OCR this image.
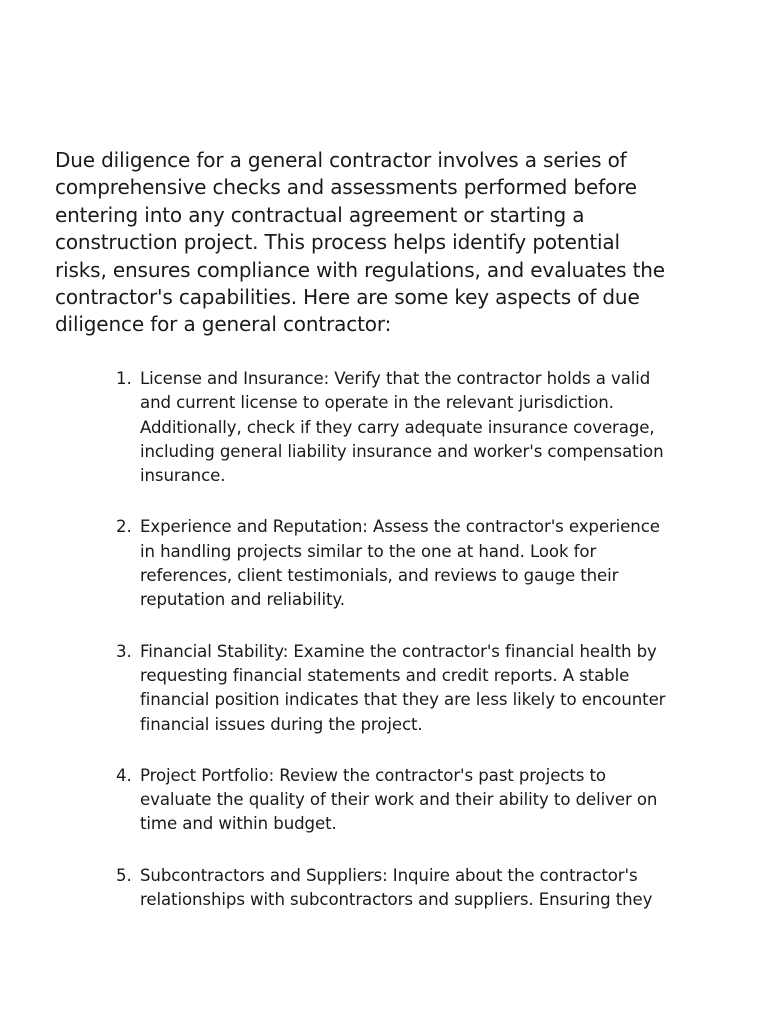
Due diligence for a general contractor involves a series of comprehensive checks and assessments performed before entering into any contractual agreement or starting a construction project. This process helps identify potential risks, ensures compliance with regulations, and evaluates the contractor's capabilities. Here are some key aspects of due diligence for a general contractor:

1. License and Insurance: Verify that the contractor holds a valid and current license to operate in the relevant jurisdiction. Additionally, check if they carry adequate insurance coverage, including general liability insurance and worker's compensation insurance.
2. Experience and Reputation: Assess the contractor's experience in handling projects similar to the one at hand. Look for references, client testimonials, and reviews to gauge their reputation and reliability.
3. Financial Stability: Examine the contractor's financial health by requesting financial statements and credit reports. A stable financial position indicates that they are less likely to encounter financial issues during the project.
4. Project Portfolio: Review the contractor's past projects to evaluate the quality of their work and their ability to deliver on time and within budget.
5. Subcontractors and Suppliers: Inquire about the contractor's relationships with subcontractors and suppliers. Ensuring they
